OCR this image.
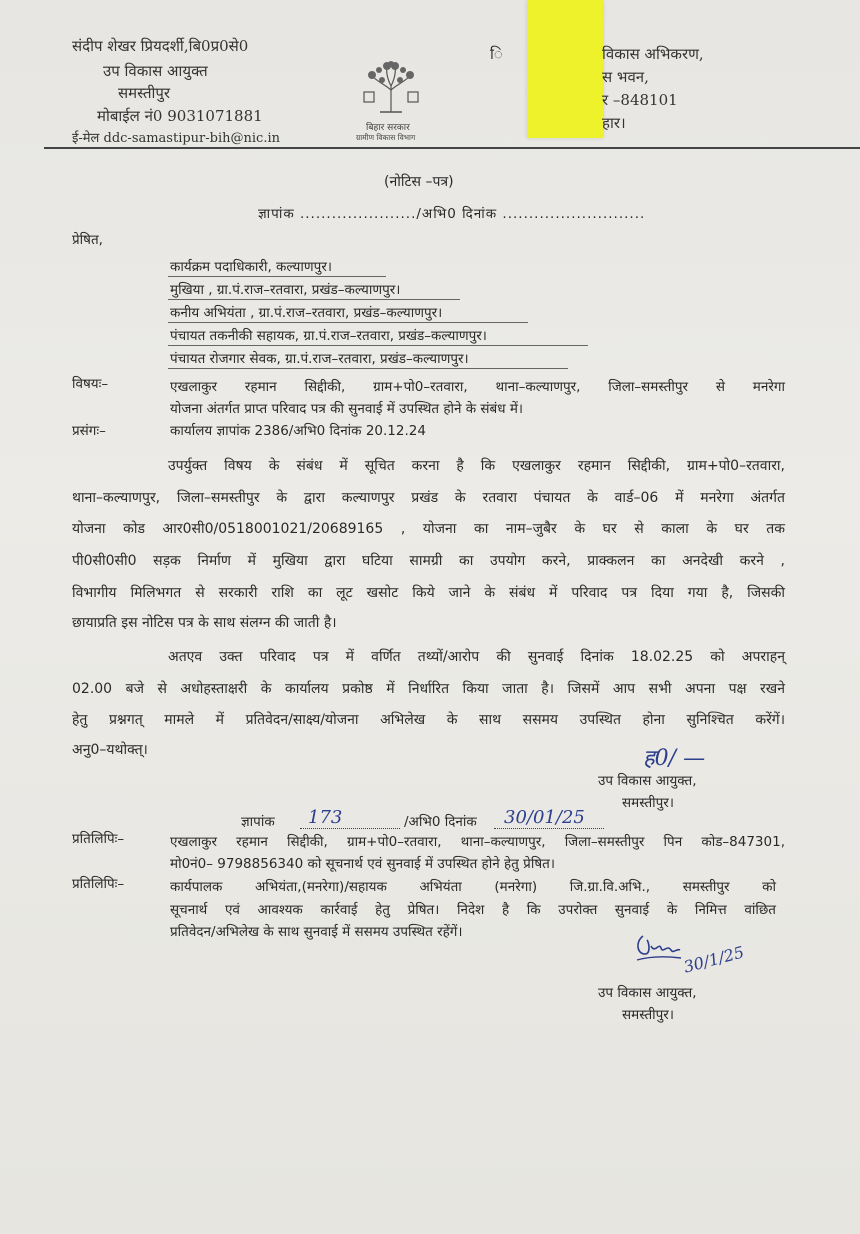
संदीप शेखर प्रियदर्शी,बि0प्र0से0
उप विकास आयुक्त
समस्तीपुर
मोबाईल नं0 9031071881
ई-मेल ddc-samastipur-bih@nic.in
बिहार सरकार
ग्रामीण विकास विभाग
ि	विकास अभिकरण,
स भवन,
र –848101
हार।
(नोटिस –पत्र)
ज्ञापांक ....................../अभि0 दिनांक ...........................
प्रेषित,
कार्यक्रम पदाधिकारी, कल्याणपुर।
मुखिया , ग्रा.पं.राज–रतवारा, प्रखंड–कल्याणपुर।
कनीय अभियंता , ग्रा.पं.राज–रतवारा, प्रखंड–कल्याणपुर।
पंचायत तकनीकी सहायक, ग्रा.पं.राज–रतवारा, प्रखंड–कल्याणपुर।
पंचायत रोजगार सेवक, ग्रा.पं.राज–रतवारा, प्रखंड–कल्याणपुर।
विषयः–	एखलाकुर रहमान सिद्दीकी, ग्राम+पो0–रतवारा, थाना–कल्याणपुर, जिला–समस्तीपुर से मनरेगा
योजना अंतर्गत प्राप्त परिवाद पत्र की सुनवाई में उपस्थित होने के संबंध में।
प्रसंगः–	कार्यालय ज्ञापांक 2386/अभि0 दिनांक 20.12.24
उपर्युक्त विषय के संबंध में सूचित करना है कि एखलाकुर रहमान सिद्दीकी, ग्राम+पो0–रतवारा,
थाना–कल्याणपुर, जिला–समस्तीपुर के द्वारा कल्याणपुर प्रखंड के रतवारा पंचायत के वार्ड–06 में मनरेगा अंतर्गत
योजना कोड आर0सी0/0518001021/20689165 , योजना का नाम–जुबैर के घर से काला के घर तक
पी0सी0सी0 सड़क निर्माण में मुखिया द्वारा घटिया सामग्री का उपयोग करने, प्राक्कलन का अनदेखी करने ,
विभागीय मिलिभगत से सरकारी राशि का लूट खसोट किये जाने के संबंध में परिवाद पत्र दिया गया है, जिसकी
छायाप्रति इस नोटिस पत्र के साथ संलग्न की जाती है।
अतएव उक्त परिवाद पत्र में वर्णित तथ्यों/आरोप की सुनवाई दिनांक 18.02.25 को अपराहन्
02.00 बजे से अधोहस्ताक्षरी के कार्यालय प्रकोष्ठ में निर्धारित किया जाता है। जिसमें आप सभी अपना पक्ष रखने
हेतु प्रश्नगत् मामले में प्रतिवेदन/साक्ष्य/योजना अभिलेख के साथ ससमय उपस्थित होना सुनिश्चित करेंगें।
अनु0–यथोक्त्।	ह0/ —
उप विकास आयुक्त,
समस्तीपुर।
ज्ञापांक 173	/अभि0 दिनांक 30/01/25
प्रतिलिपिः–	एखलाकुर रहमान सिद्दीकी, ग्राम+पो0–रतवारा, थाना–कल्याणपुर, जिला–समस्तीपुर पिन कोड–847301,
मो0नं0– 9798856340 को सूचनार्थ एवं सुनवाई में उपस्थित होने हेतु प्रेषित।
प्रतिलिपिः–	कार्यपालक अभियंता,(मनरेगा)/सहायक अभियंता (मनरेगा) जि.ग्रा.वि.अभि., समस्तीपुर को
सूचनार्थ एवं आवश्यक कार्रवाई हेतु प्रेषित। निदेश है कि उपरोक्त सुनवाई के निमित्त वांछित
प्रतिवेदन/अभिलेख के साथ सुनवाई में ससमय उपस्थित रहेंगें।
30/1/25
उप विकास आयुक्त,
समस्तीपुर।
